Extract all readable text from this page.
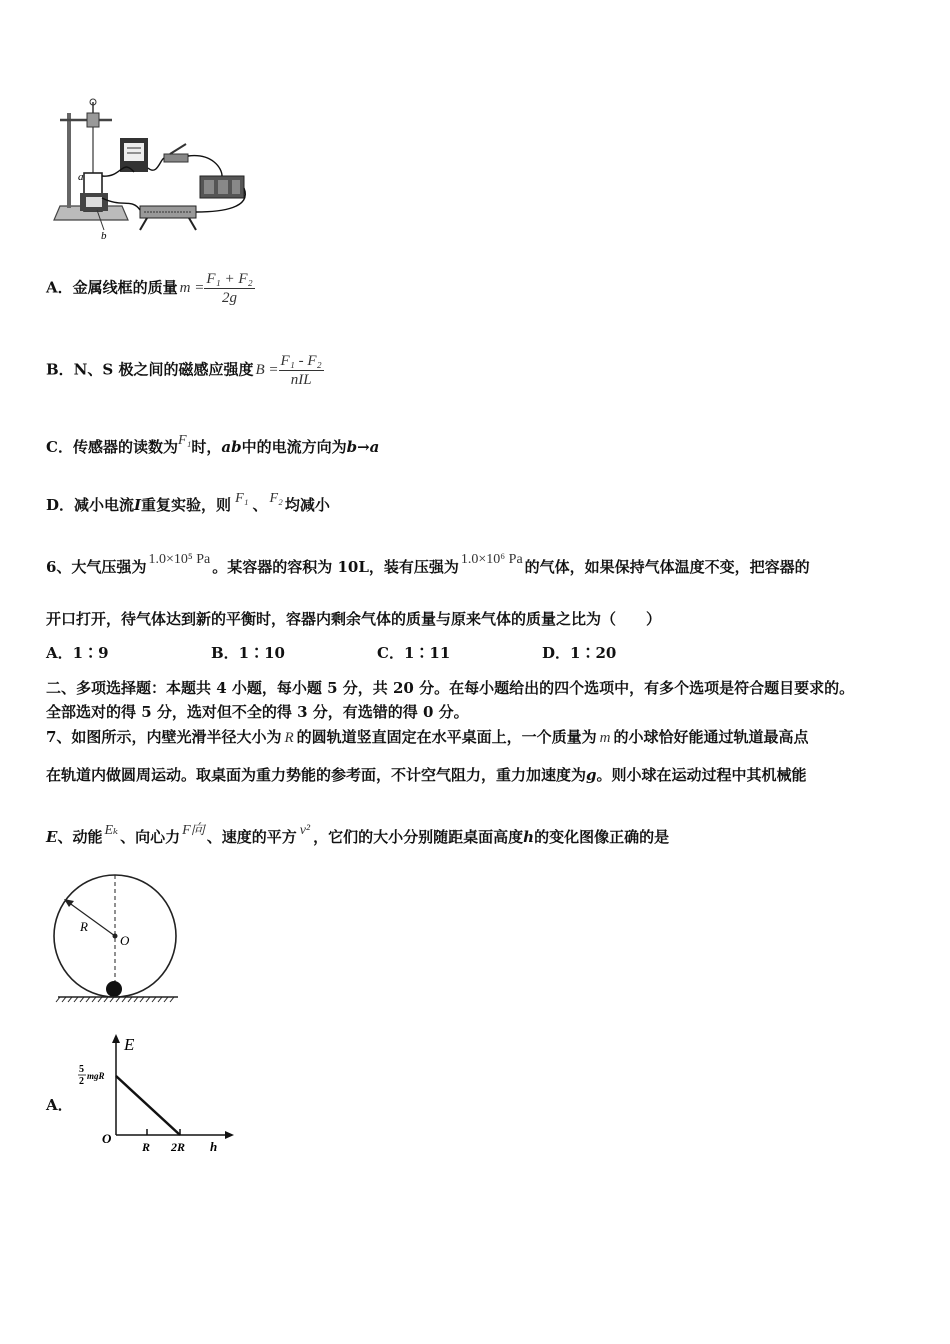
a
b
A．金属线框的质量 $m = \frac{\text{F₁ + F₂}}{2g}$
B．N、S 极之间的磁感应强度 $B = \frac{\text{F₁ - F₂}}{\text{nIL}}$
C．传感器的读数为F₁时，ab中的电流方向为b→a
D．减小电流I重复实验，则 F₁ 、 F₂ 均减小
6、大气压强为 1.0×10⁵ Pa 。某容器的容积为 10L，装有压强为 1.0×10⁶ Pa 的气体，如果保持气体温度不变，把容器的
开口打开，待气体达到新的平衡时，容器内剩余气体的质量与原来气体的质量之比为（　　）
A．1∶9	B．1∶10	C．1∶11	D．1∶20
二、多项选择题：本题共 4 小题，每小题 5 分，共 20 分。在每小题给出的四个选项中，有多个选项是符合题目要求的。
全部选对的得 5 分，选对但不全的得 3 分，有选错的得 0 分。
7、如图所示，内壁光滑半径大小为 R 的圆轨道竖直固定在水平桌面上，一个质量为 m 的小球恰好能通过轨道最高点
在轨道内做圆周运动。取桌面为重力势能的参考面，不计空气阻力，重力加速度为g。则小球在运动过程中其机械能
E、动能 Eₖ 、向心力 F向 、速度的平方 v² ，它们的大小分别随距桌面高度h的变化图像正确的是
R
O
A．
E
h
O
R 2R
5
2 mgR
